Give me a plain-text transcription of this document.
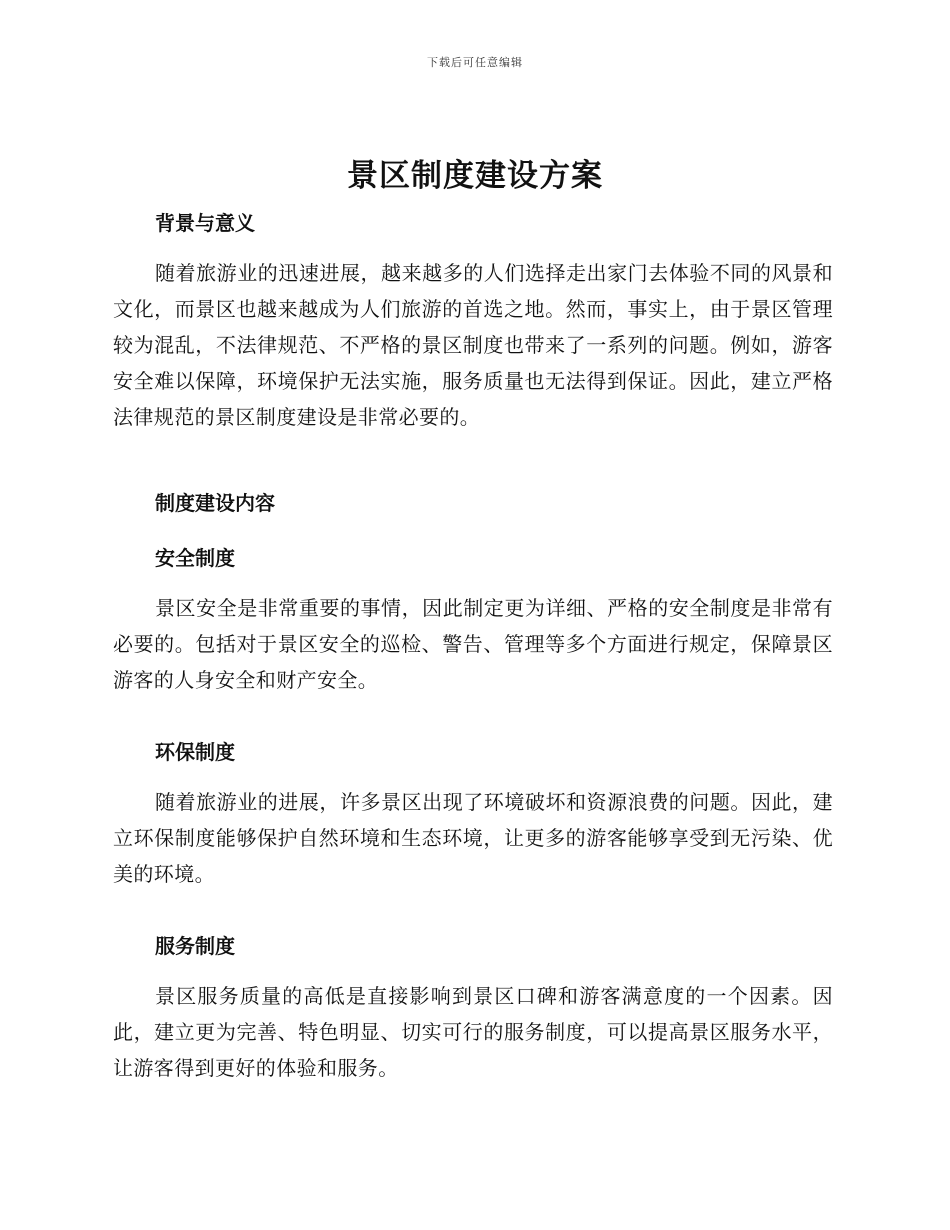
下载后可任意编辑
景区制度建设方案
背景与意义

随着旅游业的迅速进展，越来越多的人们选择走出家门去体验不同的风景和文化，而景区也越来越成为人们旅游的首选之地。然而，事实上，由于景区管理较为混乱，不法律规范、不严格的景区制度也带来了一系列的问题。例如，游客安全难以保障，环境保护无法实施，服务质量也无法得到保证。因此，建立严格法律规范的景区制度建设是非常必要的。

制度建设内容
安全制度

景区安全是非常重要的事情，因此制定更为详细、严格的安全制度是非常有必要的。包括对于景区安全的巡检、警告、管理等多个方面进行规定，保障景区游客的人身安全和财产安全。

环保制度

随着旅游业的进展，许多景区出现了环境破坏和资源浪费的问题。因此，建立环保制度能够保护自然环境和生态环境，让更多的游客能够享受到无污染、优美的环境。

服务制度

景区服务质量的高低是直接影响到景区口碑和游客满意度的一个因素。因此，建立更为完善、特色明显、切实可行的服务制度，可以提高景区服务水平，让游客得到更好的体验和服务。
